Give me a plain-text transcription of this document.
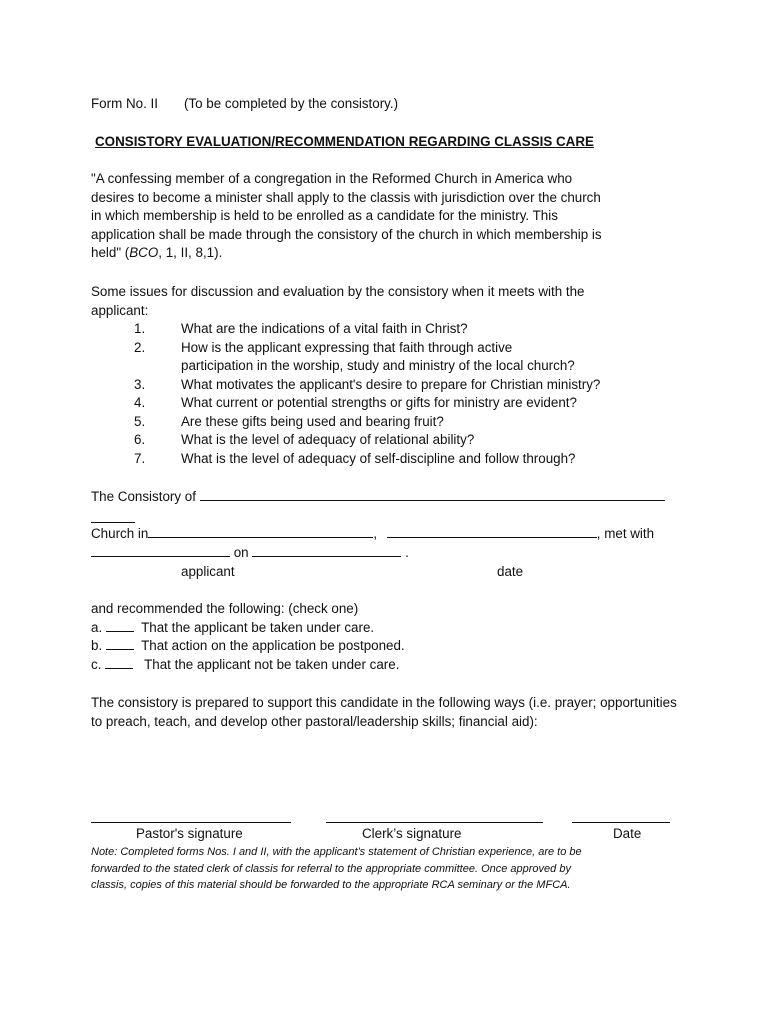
Form No. II (To be completed by the consistory.)
CONSISTORY EVALUATION/RECOMMENDATION REGARDING CLASSIS CARE

"A confessing member of a congregation in the Reformed Church in America who

desires to become a minister shall apply to the classis with jurisdiction over the church

in which membership is held to be enrolled as a candidate for the ministry. This

application shall be made through the consistory of the church in which membership is

held" (BCO, 1, II, 8,1).

Some issues for discussion and evaluation by the consistory when it meets with the

applicant:

1.	What are the indications of a vital faith in Christ?
2.	How is the applicant expressing that faith through active
participation in the worship, study and ministry of the local church?
3.	What motivates the applicant's desire to prepare for Christian ministry?
4.	What current or potential strengths or gifts for ministry are evident?
5.	Are these gifts being used and bearing fruit?
6.	What is the level of adequacy of relational ability?
7.	What is the level of adequacy of self-discipline and follow through?
The Consistory of
Church in	,	, met with
on	.
applicant	date

and recommended the following: (check one)

a.	That the applicant be taken under care.

b.	That action on the application be postponed.

c.	That the applicant not be taken under care.

The consistory is prepared to support this candidate in the following ways (i.e. prayer; opportunities to preach, teach, and develop other pastoral/leadership skills; financial aid):
Pastor's signature	Clerk’s signature	Date
Note: Completed forms Nos. I and II, with the applicant's statement of Christian experience, are to be
forwarded to the stated clerk of classis for referral to the appropriate committee. Once approved by
classis, copies of this material should be forwarded to the appropriate RCA seminary or the MFCA.
